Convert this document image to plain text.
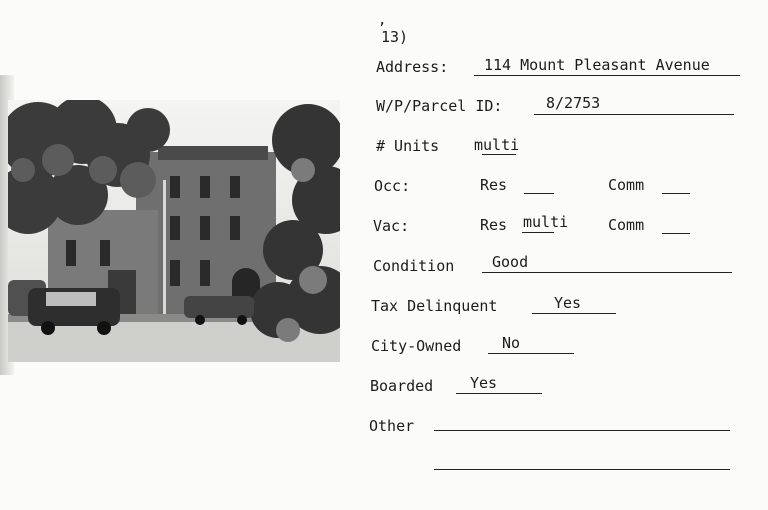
,
13)
Address: 114 Mount Pleasant Avenue
W/P/Parcel ID:	8/2753
# Units multi
Occ:	Res	Comm
Vac:	Res multi	Comm
Condition	Good
Tax Delinquent	Yes
City-Owned	No
Boarded Yes
Other
